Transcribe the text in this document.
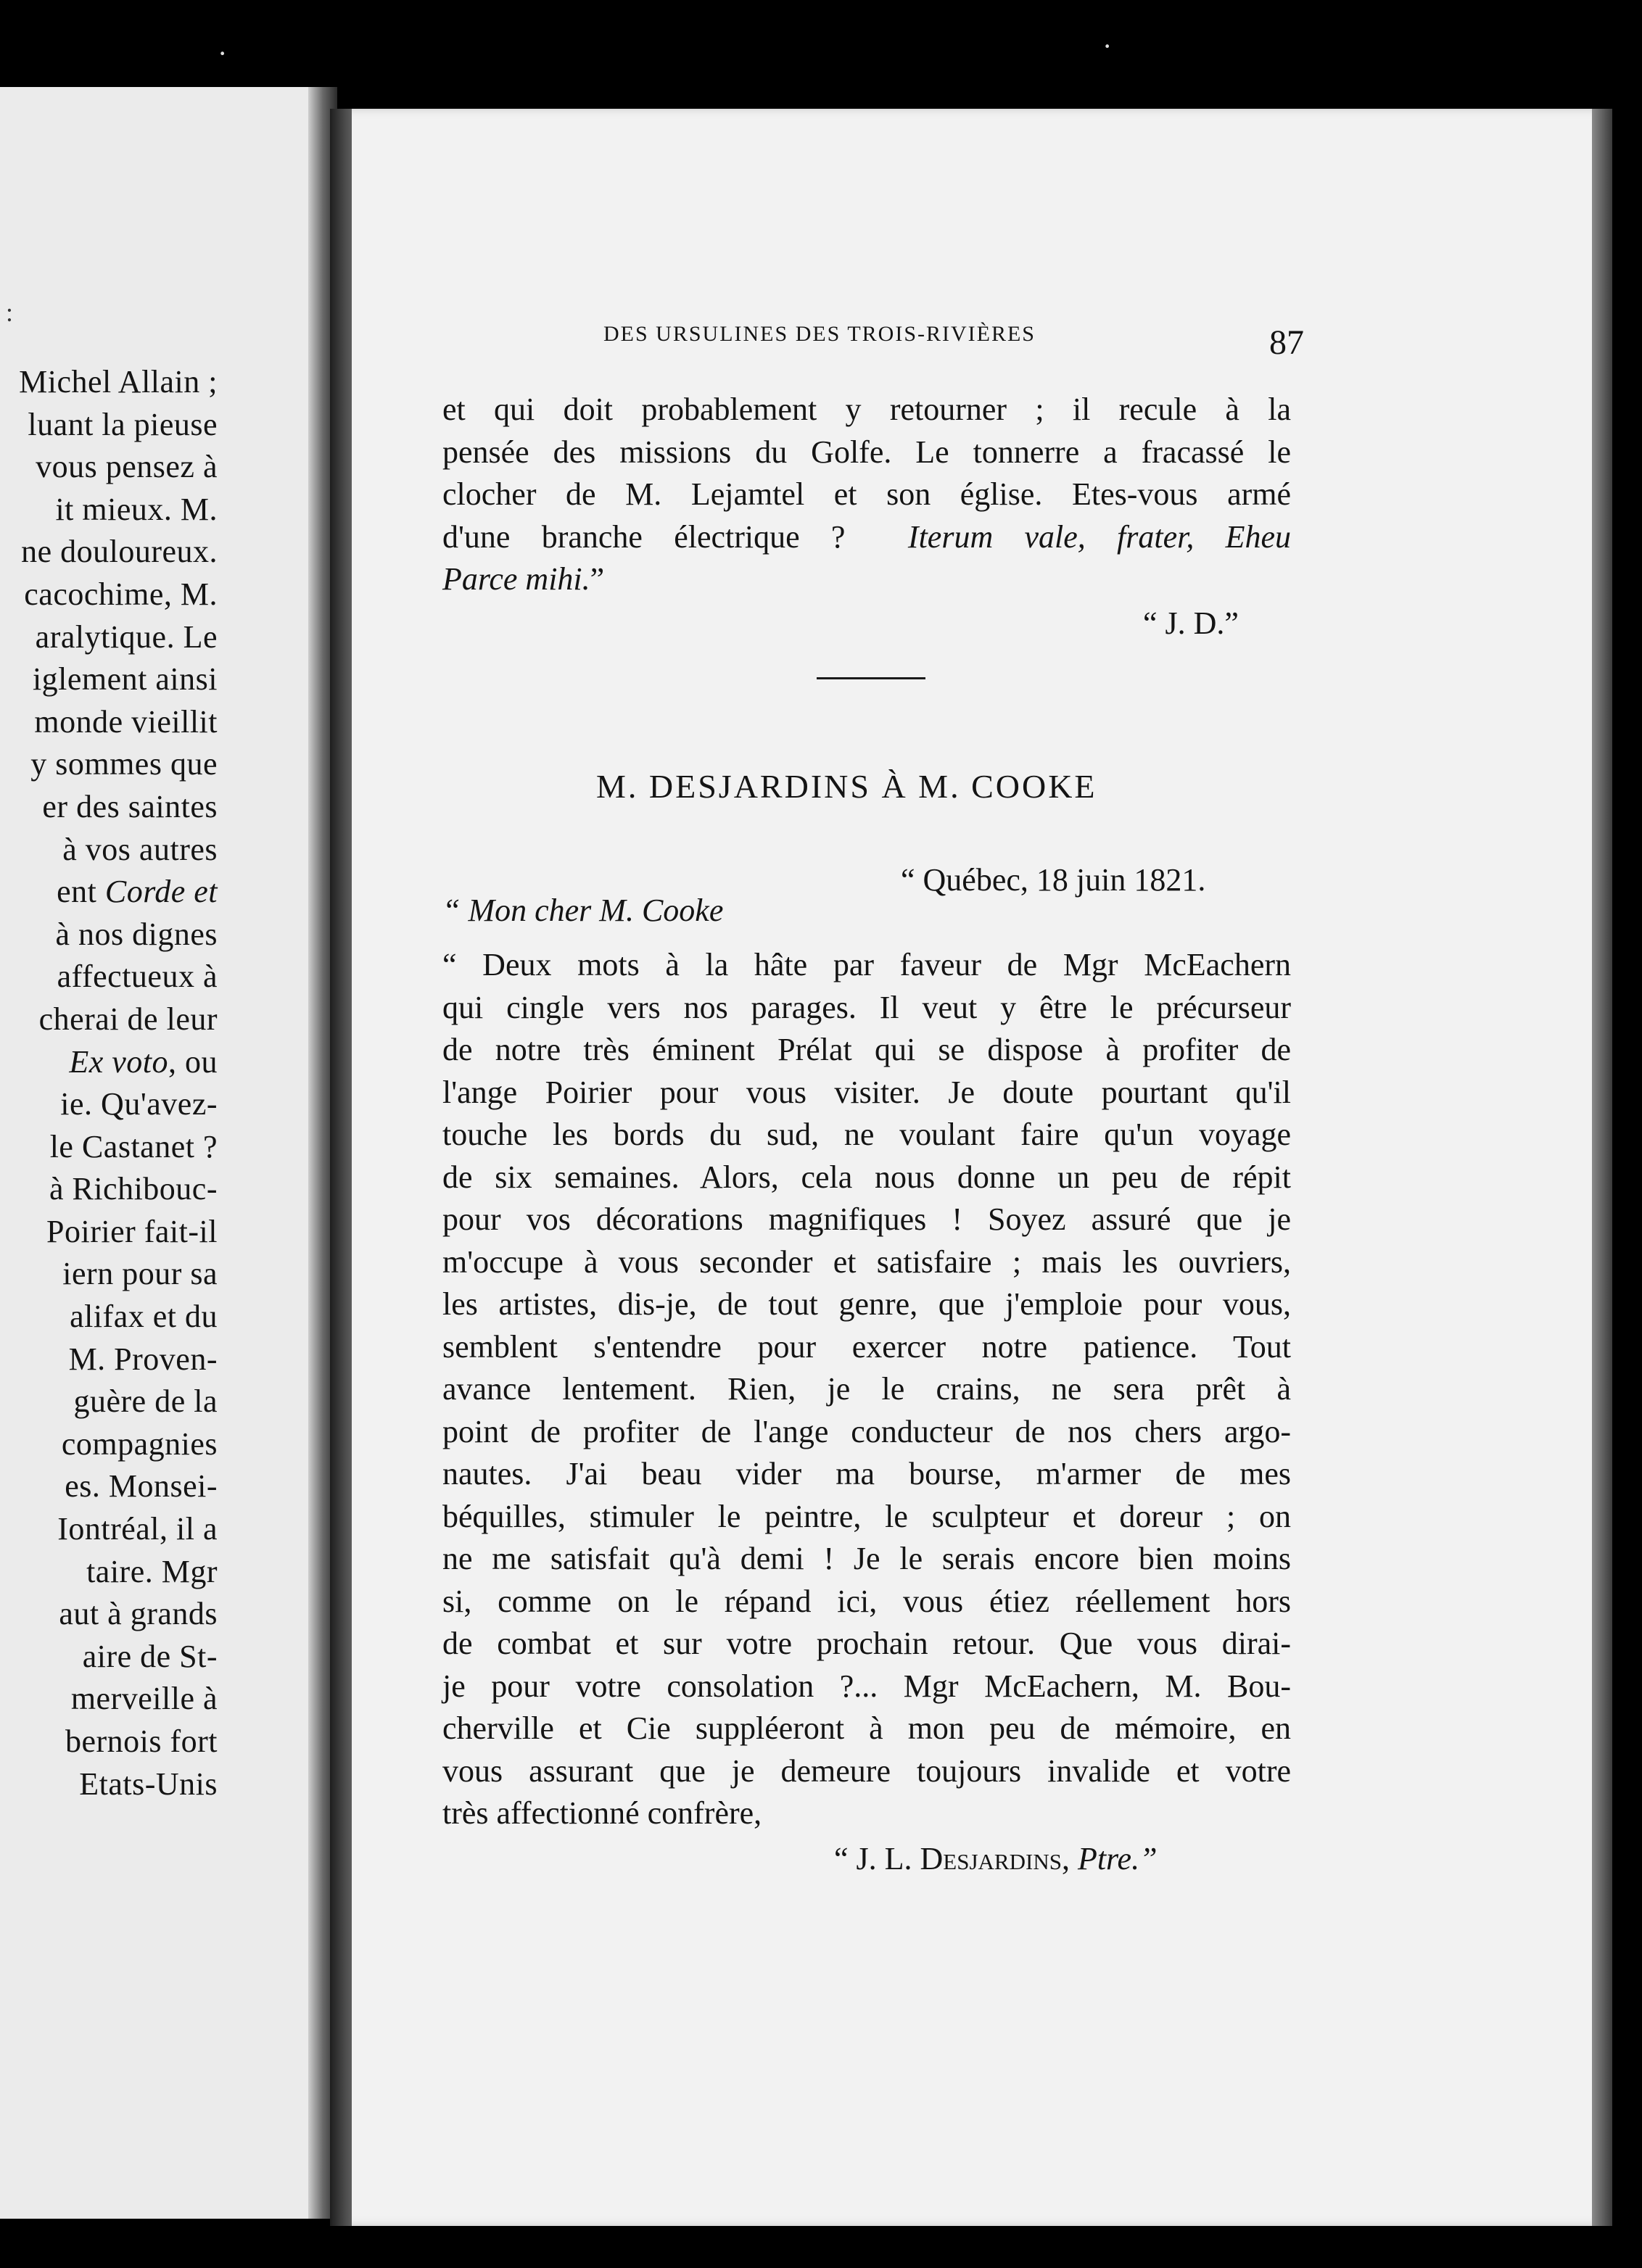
:
Michel Allain ;
luant la pieuse
vous pensez à
it mieux. M.
ne douloureux.
cacochime, M.
aralytique. Le
iglement ainsi
monde vieillit
y sommes que
er des saintes
à vos autres
ent Corde et
à nos dignes
affectueux à
cherai de leur
Ex voto, ou
ie. Qu'avez-
le Castanet ?
à Richibouc-
Poirier fait-il
iern pour sa
alifax et du
M. Proven-
guère de la
compagnies
es. Monsei-
Iontréal, il a
taire. Mgr
aut à grands
aire de St-
merveille à
bernois fort
Etats-Unis
DES URSULINES DES TROIS-RIVIÈRES	87
et qui doit probablement y retourner ; il recule à la
pensée des missions du Golfe. Le tonnerre a fracassé le
clocher de M. Lejamtel et son église. Etes-vous armé
d'une branche électrique ? Iterum vale, frater, Eheu
Parce mihi.”
“ J. D.”
M. DESJARDINS À M. COOKE
“ Québec, 18 juin 1821.
“ Mon cher M. Cooke
“ Deux mots à la hâte par faveur de Mgr McEachern
qui cingle vers nos parages. Il veut y être le précurseur
de notre très éminent Prélat qui se dispose à profiter de
l'ange Poirier pour vous visiter. Je doute pourtant qu'il
touche les bords du sud, ne voulant faire qu'un voyage
de six semaines. Alors, cela nous donne un peu de répit
pour vos décorations magnifiques ! Soyez assuré que je
m'occupe à vous seconder et satisfaire ; mais les ouvriers,
les artistes, dis-je, de tout genre, que j'emploie pour vous,
semblent s'entendre pour exercer notre patience. Tout
avance lentement. Rien, je le crains, ne sera prêt à
point de profiter de l'ange conducteur de nos chers argo-
nautes. J'ai beau vider ma bourse, m'armer de mes
béquilles, stimuler le peintre, le sculpteur et doreur ; on
ne me satisfait qu'à demi ! Je le serais encore bien moins
si, comme on le répand ici, vous étiez réellement hors
de combat et sur votre prochain retour. Que vous dirai-
je pour votre consolation ?... Mgr McEachern, M. Bou-
cherville et Cie suppléeront à mon peu de mémoire, en
vous assurant que je demeure toujours invalide et votre
très affectionné confrère,
“ J. L. Desjardins, Ptre.”
·	·
